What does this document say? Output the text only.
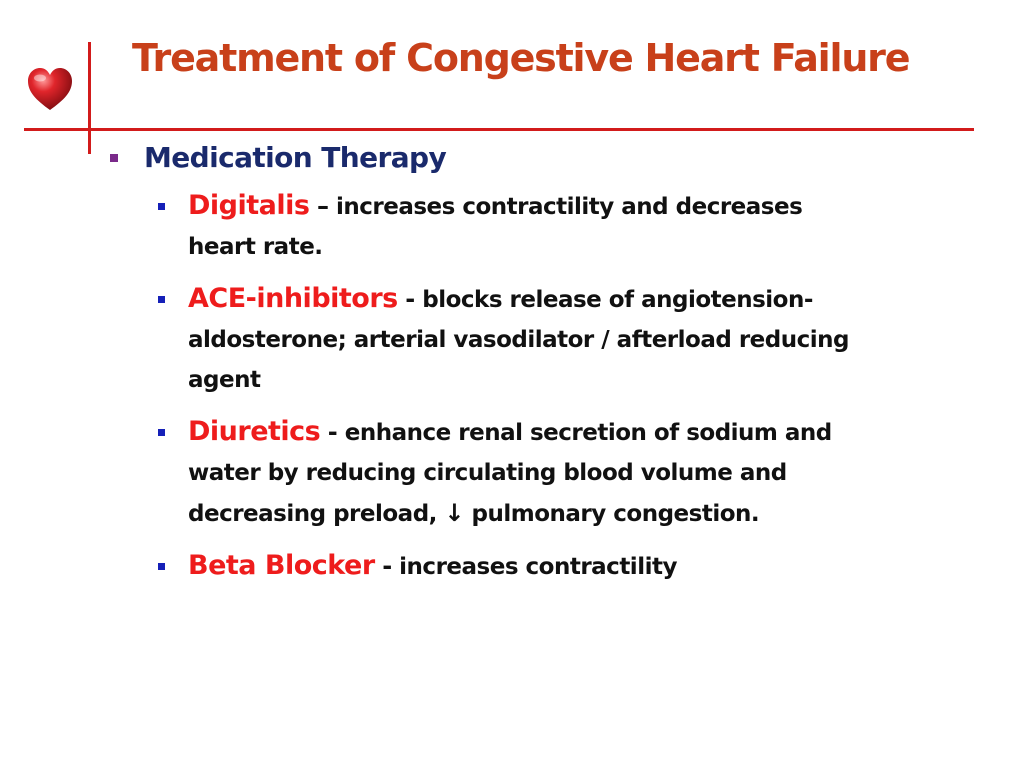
Treatment of Congestive Heart Failure
Medication Therapy
Digitalis – increases contractility and decreases heart rate.
ACE-inhibitors - blocks release of angiotension-aldosterone; arterial vasodilator / afterload reducing agent
Diuretics - enhance renal secretion of sodium and water by reducing circulating blood volume and decreasing preload, ↓ pulmonary congestion.
Beta Blocker - increases contractility
